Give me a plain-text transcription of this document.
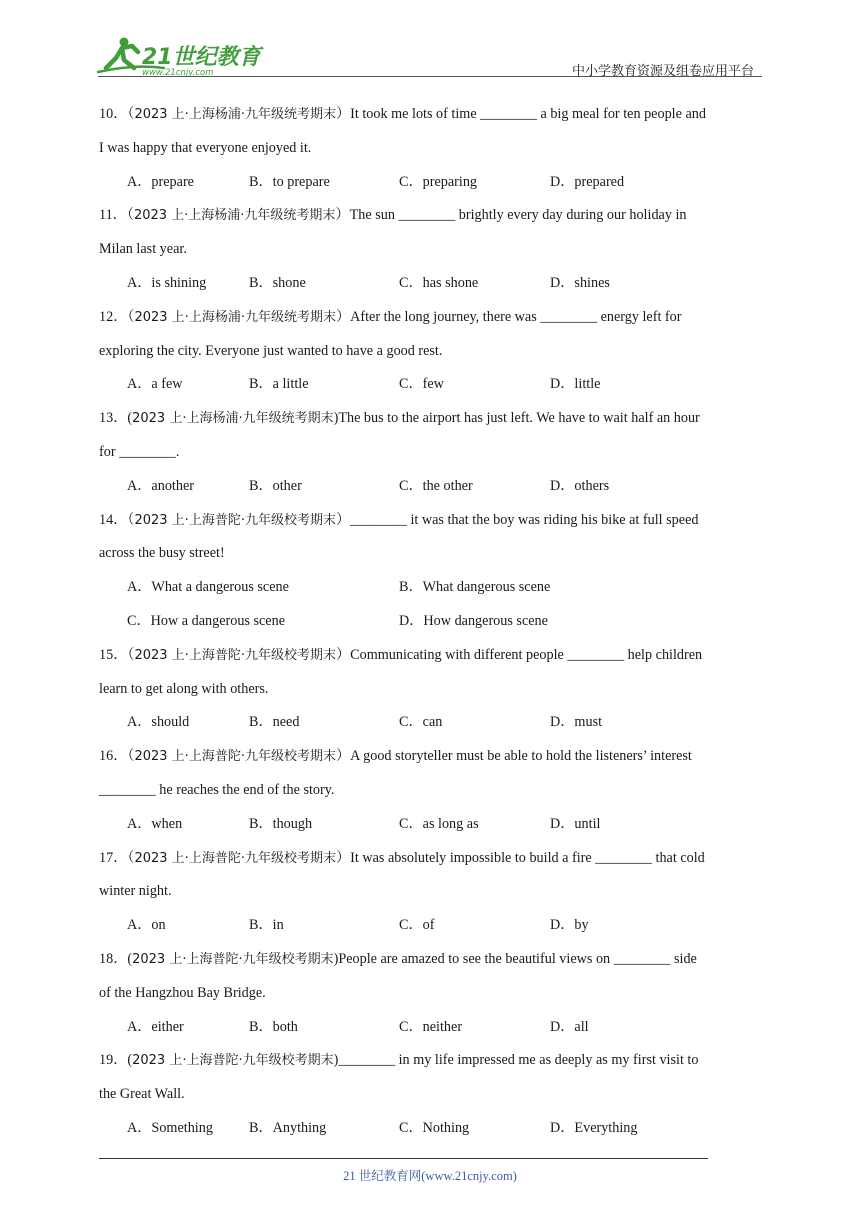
21世纪教育
www.21cnjy.com	中小学教育资源及组卷应用平台
10．（2023 上·上海杨浦·九年级统考期末）It took me lots of time ________ a big meal for ten people and
I was happy that everyone enjoyed it.
A．prepare	B．to prepare	C．preparing	D．prepared
11．（2023 上·上海杨浦·九年级统考期末）The sun ________ brightly every day during our holiday in
Milan last year.
A．is shining	B．shone	C．has shone	D．shines
12．（2023 上·上海杨浦·九年级统考期末）After the long journey, there was ________ energy left for
exploring the city. Everyone just wanted to have a good rest.
A．a few	B．a little	C．few	D．little
13．(2023 上·上海杨浦·九年级统考期末)The bus to the airport has just left. We have to wait half an hour
for ________.
A．another	B．other	C．the other	D．others
14．（2023 上·上海普陀·九年级校考期末）________ it was that the boy was riding his bike at full speed
across the busy street!
A．What a dangerous scene	B．What dangerous scene
C．How a dangerous scene	D．How dangerous scene
15．（2023 上·上海普陀·九年级校考期末）Communicating with different people ________ help children
learn to get along with others.
A．should	B．need	C．can	D．must
16．（2023 上·上海普陀·九年级校考期末）A good storyteller must be able to hold the listeners’ interest
________ he reaches the end of the story.
A．when	B．though	C．as long as	D．until
17．（2023 上·上海普陀·九年级校考期末）It was absolutely impossible to build a fire ________ that cold
winter night.
A．on	B．in	C．of	D．by
18．(2023 上·上海普陀·九年级校考期末)People are amazed to see the beautiful views on ________ side
of the Hangzhou Bay Bridge.
A．either	B．both	C．neither	D．all
19．(2023 上·上海普陀·九年级校考期末)________ in my life impressed me as deeply as my first visit to
the Great Wall.
A．Something	B．Anything	C．Nothing	D．Everything
21 世纪教育网(www.21cnjy.com)
